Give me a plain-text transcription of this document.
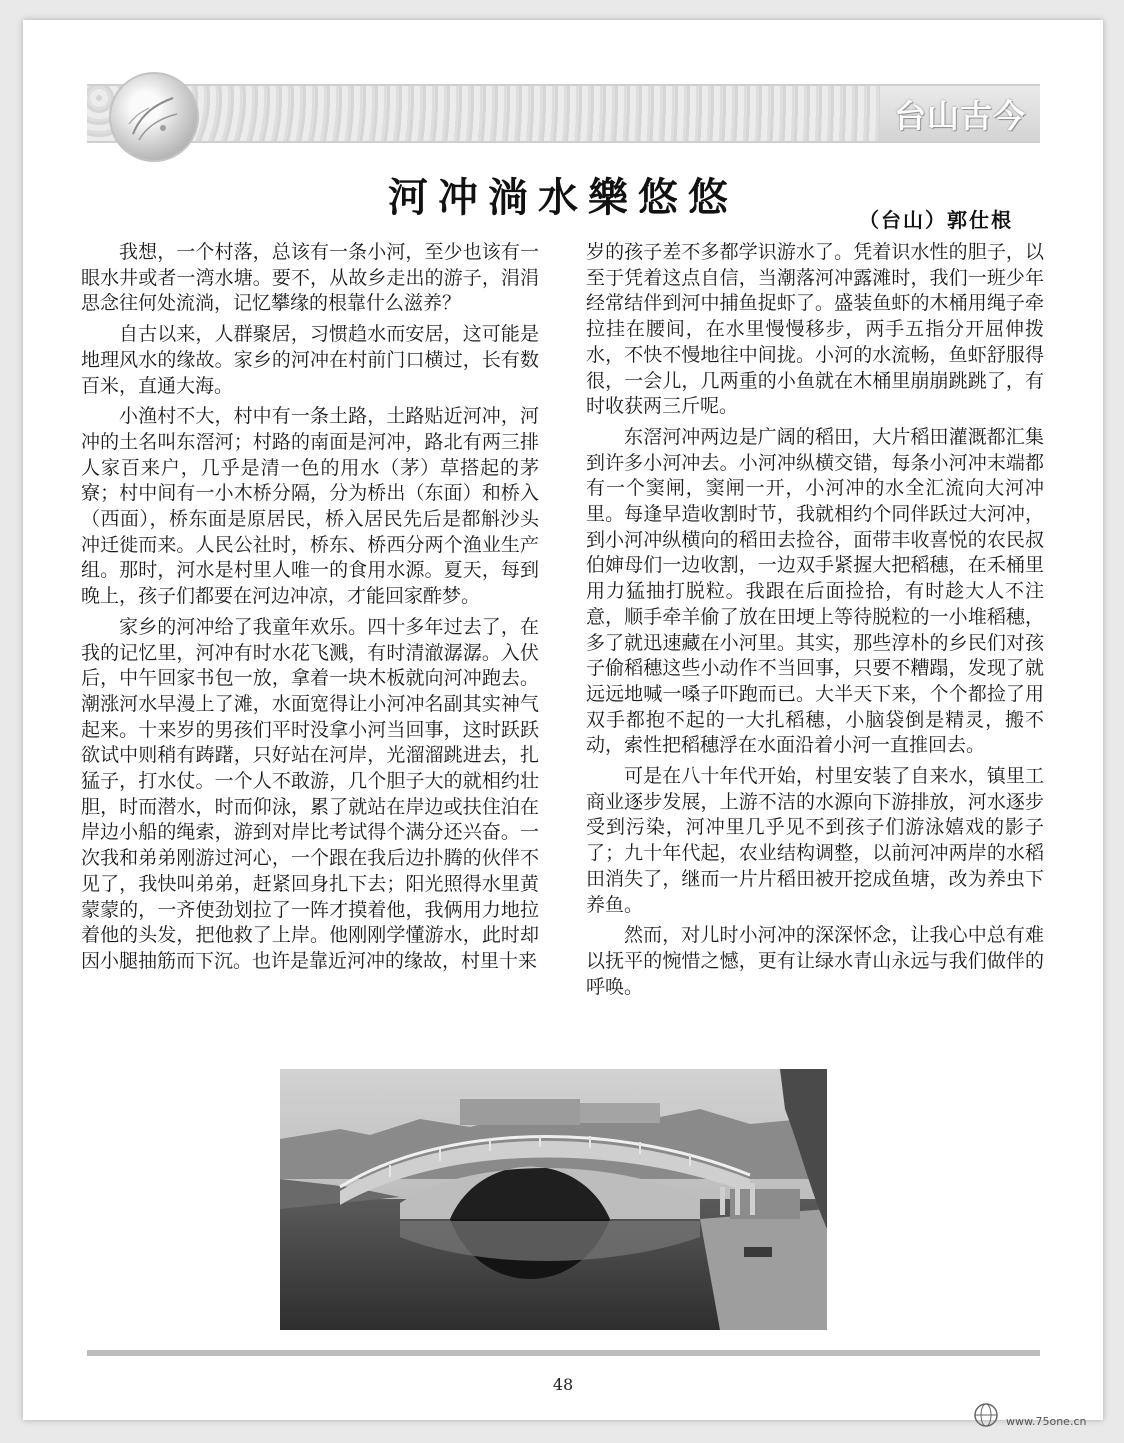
台山古今
河冲淌水樂悠悠	（台山）郭仕根

我想，一个村落，总该有一条小河，至少也该有一眼水井或者一湾水塘。要不，从故乡走出的游子，涓涓思念往何处流淌，记忆攀缘的根靠什么滋养？

自古以来，人群聚居，习惯趋水而安居，这可能是地理风水的缘故。家乡的河冲在村前门口横过，长有数百米，直通大海。

小渔村不大，村中有一条土路，土路贴近河冲，河冲的土名叫东滘河；村路的南面是河冲，路北有两三排人家百来户，几乎是清一色的用水（茅）草搭起的茅寮；村中间有一小木桥分隔，分为桥出（东面）和桥入（西面），桥东面是原居民，桥入居民先后是都斛沙头冲迁徙而来。人民公社时，桥东、桥西分两个渔业生产组。那时，河水是村里人唯一的食用水源。夏天，每到晚上，孩子们都要在河边冲凉，才能回家酢梦。

家乡的河冲给了我童年欢乐。四十多年过去了，在我的记忆里，河冲有时水花飞溅，有时清澈潺潺。入伏后，中午回家书包一放，拿着一块木板就向河冲跑去。潮涨河水早漫上了滩，水面宽得让小河冲名副其实神气起来。十来岁的男孩们平时没拿小河当回事，这时跃跃欲试中则稍有踌躇，只好站在河岸，光溜溜跳进去，扎猛子，打水仗。一个人不敢游，几个胆子大的就相约壮胆，时而潜水，时而仰泳，累了就站在岸边或扶住泊在岸边小船的绳索，游到对岸比考试得个满分还兴奋。一次我和弟弟刚游过河心，一个跟在我后边扑腾的伙伴不见了，我快叫弟弟，赶紧回身扎下去；阳光照得水里黄蒙蒙的，一齐使劲划拉了一阵才摸着他，我俩用力地拉着他的头发，把他救了上岸。他刚刚学懂游水，此时却因小腿抽筋而下沉。也许是靠近河冲的缘故，村里十来

岁的孩子差不多都学识游水了。凭着识水性的胆子，以至于凭着这点自信，当潮落河冲露滩时，我们一班少年经常结伴到河中捕鱼捉虾了。盛装鱼虾的木桶用绳子牵拉挂在腰间，在水里慢慢移步，两手五指分开屈伸拨水，不快不慢地往中间拢。小河的水流畅，鱼虾舒服得很，一会儿，几两重的小鱼就在木桶里崩崩跳跳了，有时收获两三斤呢。

东滘河冲两边是广阔的稻田，大片稻田灌溉都汇集到许多小河冲去。小河冲纵横交错，每条小河冲末端都有一个窦闸，窦闸一开，小河冲的水全汇流向大河冲里。每逢早造收割时节，我就相约个同伴跃过大河冲，到小河冲纵横向的稻田去捡谷，面带丰收喜悦的农民叔伯婶母们一边收割，一边双手紧握大把稻穗，在禾桶里用力猛抽打脱粒。我跟在后面捡拾，有时趁大人不注意，顺手牵羊偷了放在田埂上等待脱粒的一小堆稻穗，多了就迅速藏在小河里。其实，那些淳朴的乡民们对孩子偷稻穗这些小动作不当回事，只要不糟蹋，发现了就远远地喊一嗓子吓跑而已。大半天下来，个个都捡了用双手都抱不起的一大扎稻穗，小脑袋倒是精灵，搬不动，索性把稻穗浮在水面沿着小河一直推回去。

可是在八十年代开始，村里安装了自来水，镇里工商业逐步发展，上游不洁的水源向下游排放，河水逐步受到污染，河冲里几乎见不到孩子们游泳嬉戏的影子了；九十年代起，农业结构调整，以前河冲两岸的水稻田消失了，继而一片片稻田被开挖成鱼塘，改为养虫下养鱼。

然而，对儿时小河冲的深深怀念，让我心中总有难以抚平的惋惜之憾，更有让绿水青山永远与我们做伴的呼唤。

48
www.75one.cn
